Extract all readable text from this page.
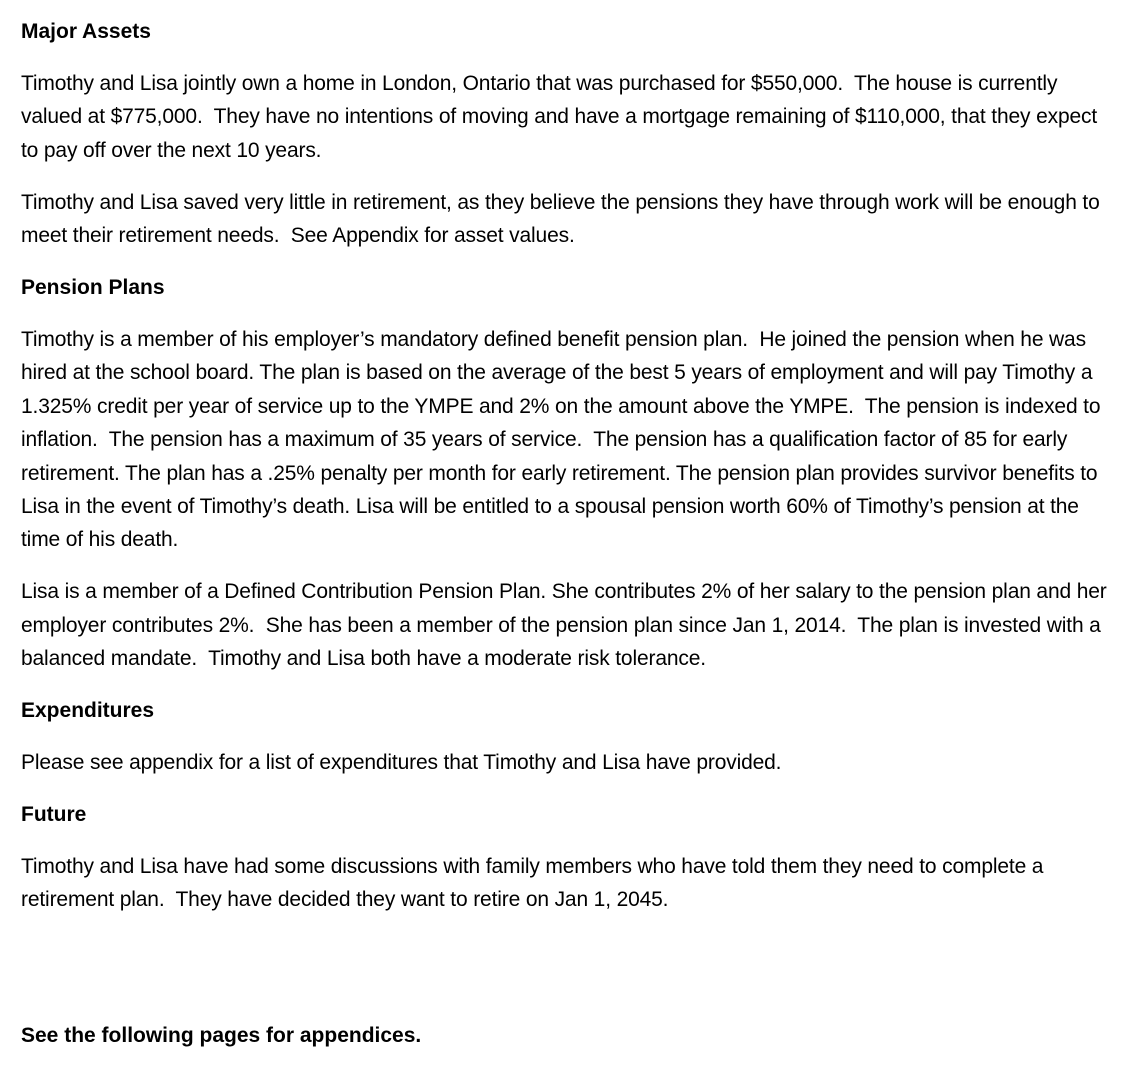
Major Assets

Timothy and Lisa jointly own a home in London, Ontario that was purchased for $550,000.  The house is currently valued at $775,000.  They have no intentions of moving and have a mortgage remaining of $110,000, that they expect to pay off over the next 10 years.

Timothy and Lisa saved very little in retirement, as they believe the pensions they have through work will be enough to meet their retirement needs.  See Appendix for asset values.

Pension Plans

Timothy is a member of his employer’s mandatory defined benefit pension plan.  He joined the pension when he was hired at the school board. The plan is based on the average of the best 5 years of employment and will pay Timothy a 1.325% credit per year of service up to the YMPE and 2% on the amount above the YMPE.  The pension is indexed to inflation.  The pension has a maximum of 35 years of service.  The pension has a qualification factor of 85 for early retirement. The plan has a .25% penalty per month for early retirement. The pension plan provides survivor benefits to Lisa in the event of Timothy’s death. Lisa will be entitled to a spousal pension worth 60% of Timothy’s pension at the time of his death.

Lisa is a member of a Defined Contribution Pension Plan. She contributes 2% of her salary to the pension plan and her employer contributes 2%.  She has been a member of the pension plan since Jan 1, 2014.  The plan is invested with a balanced mandate.  Timothy and Lisa both have a moderate risk tolerance.

Expenditures

Please see appendix for a list of expenditures that Timothy and Lisa have provided.

Future

Timothy and Lisa have had some discussions with family members who have told them they need to complete a retirement plan.  They have decided they want to retire on Jan 1, 2045.

See the following pages for appendices.
